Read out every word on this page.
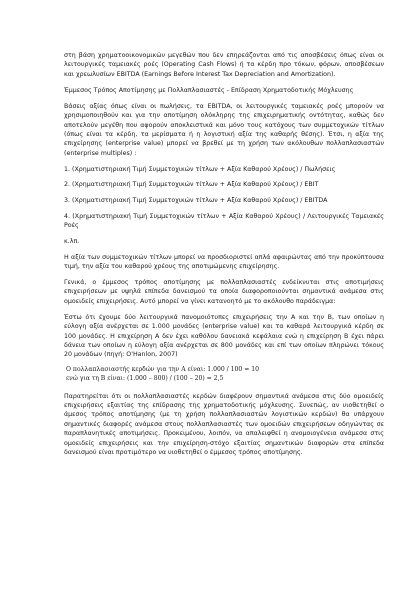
στη βάση χρηματοοικονομικών μεγεθών που δεν επηρεάζονται από τις αποσβέσεις όπως είναι οι λειτουργικές ταμειακές ροές (Operating Cash Flows) ή τα κέρδη προ τόκων, φόρων, αποσβέσεων και χρεωλυσίων EBITDA (Earnings Before Interest Tax Depreciation and Amortization).

Έμμεσος Τρόπος Αποτίμησης με Πολλαπλασιαστές - Επίδραση Χρηματοδοτικής Μόχλευσης

Βάσεις αξίας όπως είναι οι πωλήσεις, τα EBITDA, οι λειτουργικές ταμειακές ροές μπορούν να χρησιμοποιηθούν και για την αποτίμηση ολόκληρης της επιχειρηματικής οντότητας, καθώς δεν αποτελούν μεγέθη που αφορούν αποκλειστικά και μόνο τους κατόχους των συμμετοχικών τίτλων (όπως είναι τα κέρδη, τα μερίσματα ή η λογιστική αξία της καθαρής θέσης). Έτσι, η αξία της επιχείρησης (enterprise value) μπορεί να βρεθεί με τη χρήση των ακόλουθων πολλαπλασιαστών (enterprise multiples) :

1. (Χρηματιστηριακή Τιμή Συμμετοχικών τίτλων + Αξία Καθαρού Χρέους) / Πωλήσεις

2. (Χρηματιστηριακή Τιμή Συμμετοχικών τίτλων + Αξία Καθαρού Χρέους) / EBIT

3. (Χρηματιστηριακή Τιμή Συμμετοχικών τίτλων + Αξία Καθαρού Χρέους) / EBITDA

4. (Χρηματιστηριακή Τιμή Συμμετοχικών τίτλων + Αξία Καθαρού Χρέους) / Λειτουργικές Ταμειακές Ροές

κ.λπ.

Η αξία των συμμετοχικών τίτλων μπορεί να προσδιοριστεί απλά αφαιρώντας από την προκύπτουσα τιμή, την αξία του καθαρού χρέους της αποτιμώμενης επιχείρησης.

Γενικά, ο έμμεσος τρόπος αποτίμησης με πολλαπλασιαστές ενδείκνυται στις αποτιμήσεις επιχειρήσεων με υψηλά επίπεδα δανεισμού τα οποία διαφοροποιούνται σημαντικά ανάμεσα στις ομοειδείς επιχειρήσεις. Αυτό μπορεί να γίνει κατανοητό με το ακόλουθο παράδειγμα:

Έστω ότι έχουμε δύο λειτουργικά πανομοιότυπες επιχειρήσεις την Α και την Β, των οποίων η εύλογη αξία ανέρχεται σε 1.000 μονάδες (enterprise value) και τα καθαρά λειτουργικά κέρδη σε 100 μονάδες. Η επιχείρηση Α δεν έχει καθόλου δανειακά κεφάλαια ενώ η επιχείρηση Β έχει πάρει δάνεια των οποίων η εύλογη αξία ανέρχεται σε 800 μονάδες και επί των οποίων πληρώνει τόκους 20 μονάδων (πηγή: O'Hanlon, 2007)

Ο πολλαπλασιαστής κερδών για την Α είναι: 1.000 / 100 = 10
ενώ για τη Β είναι: (1.000 – 800) / (100 – 20) = 2,5

Παρατηρείται ότι οι πολλαπλασιαστές κερδών διαφέρουν σημαντικά ανάμεσα στις δύο ομοειδείς επιχειρήσεις εξαιτίας της επίδρασης της χρηματοδοτικής μόχλευσης. Συνεπώς, αν υιοθετηθεί ο άμεσος τρόπος αποτίμησης (με τη χρήση πολλαπλασιαστών λογιστικών κερδών) θα υπάρχουν σημαντικές διαφορές ανάμεσα στους πολλαπλασιαστές των ομοειδών επιχειρήσεων οδηγώντας σε παραπλανητικές αποτιμήσεις. Προκειμένου, λοιπόν, να απαλειφθεί η ανομοιογένεια ανάμεσα στις ομοειδείς επιχειρήσεις και την επιχείρηση-στόχο εξαιτίας σημαντικών διαφορών στα επίπεδα δανεισμού είναι προτιμότερο να υιοθετηθεί ο έμμεσος τρόπος αποτίμησης.
